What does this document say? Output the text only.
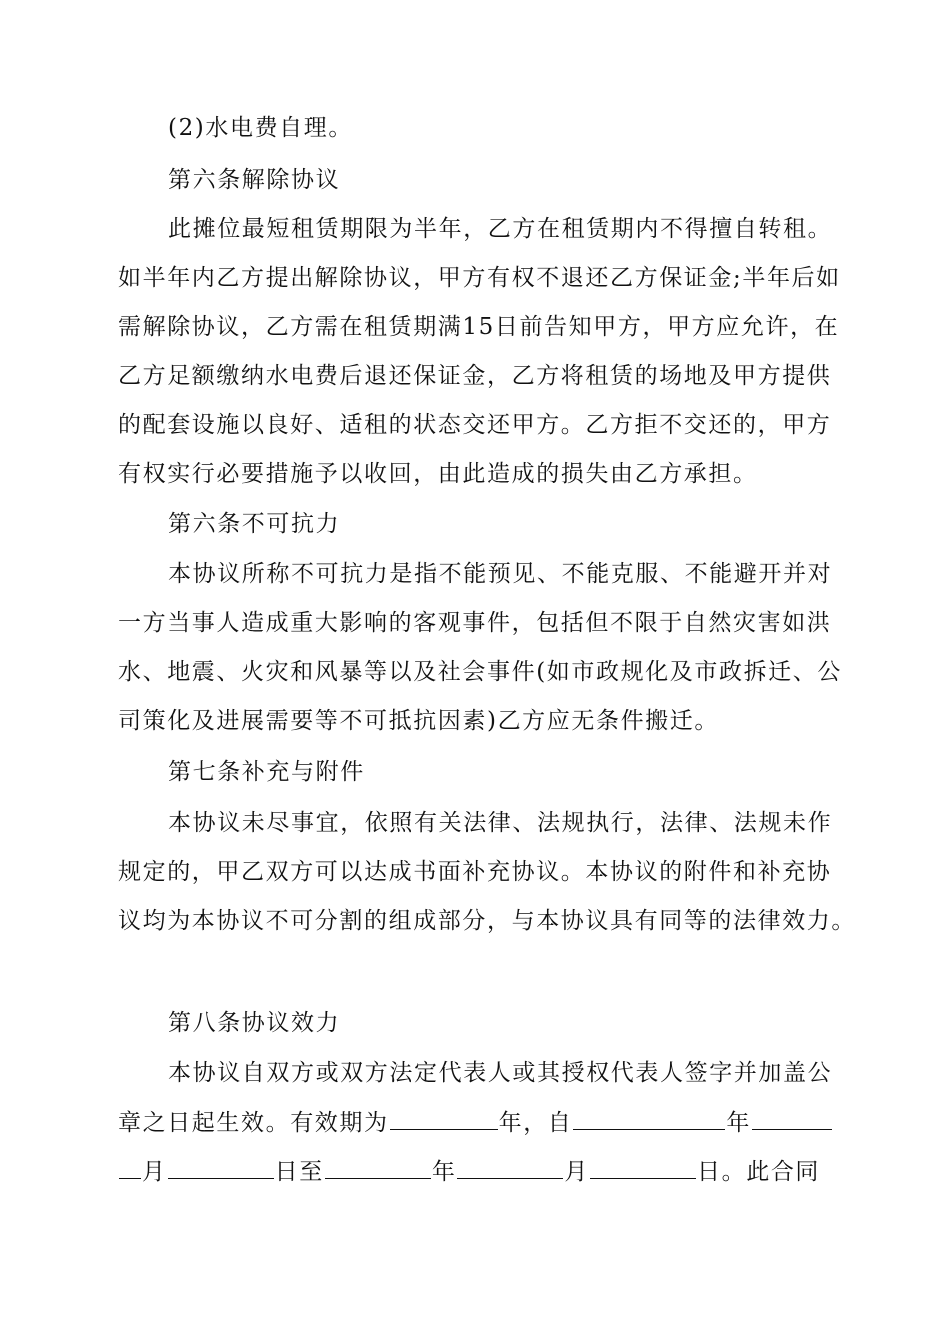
(2)水电费自理。
第六条解除协议
此摊位最短租赁期限为半年，乙方在租赁期内不得擅自转租。
如半年内乙方提出解除协议，甲方有权不退还乙方保证金;半年后如
需解除协议，乙方需在租赁期满15日前告知甲方，甲方应允许，在
乙方足额缴纳水电费后退还保证金，乙方将租赁的场地及甲方提供
的配套设施以良好、适租的状态交还甲方。乙方拒不交还的，甲方
有权实行必要措施予以收回，由此造成的损失由乙方承担。
第六条不可抗力
本协议所称不可抗力是指不能预见、不能克服、不能避开并对
一方当事人造成重大影响的客观事件，包括但不限于自然灾害如洪
水、地震、火灾和风暴等以及社会事件(如市政规化及市政拆迁、公
司策化及进展需要等不可抵抗因素)乙方应无条件搬迁。
第七条补充与附件
本协议未尽事宜，依照有关法律、法规执行，法律、法规未作
规定的，甲乙双方可以达成书面补充协议。本协议的附件和补充协
议均为本协议不可分割的组成部分，与本协议具有同等的法律效力。
第八条协议效力
本协议自双方或双方法定代表人或其授权代表人签字并加盖公
章之日起生效。有效期为	年，自	年
月	日至	年	月	日。此合同
